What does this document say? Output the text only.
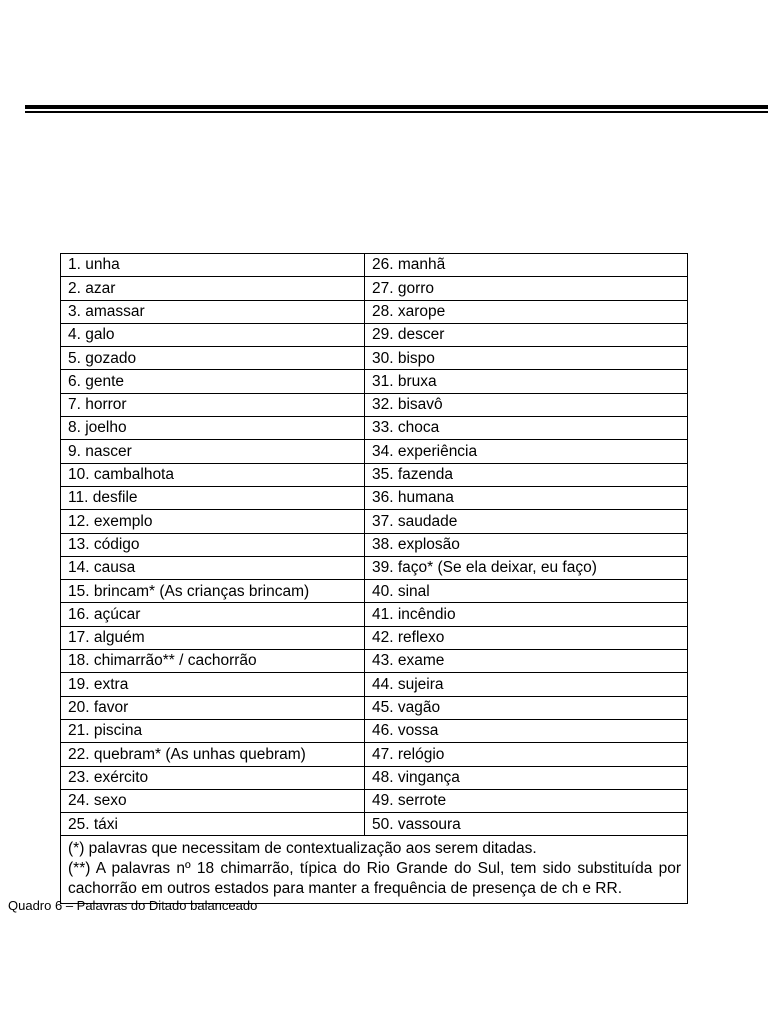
1. unha	26. manhã
2. azar	27. gorro
3. amassar	28. xarope
4. galo	29. descer
5. gozado	30. bispo
6. gente	31. bruxa
7. horror	32. bisavô
8. joelho	33. choca
9. nascer	34. experiência
10. cambalhota	35. fazenda
11. desfile	36. humana
12. exemplo	37. saudade
13. código	38. explosão
14. causa	39. faço* (Se ela deixar, eu faço)
15. brincam* (As crianças brincam)	40. sinal
16. açúcar	41. incêndio
17. alguém	42. reflexo
18. chimarrão** / cachorrão	43. exame
19. extra	44. sujeira
20. favor	45. vagão
21. piscina	46. vossa
22. quebram* (As unhas quebram)	47. relógio
23. exército	48. vingança
24. sexo	49. serrote
25. táxi	50. vassoura

(*) palavras que necessitam de contextualização aos serem ditadas.
(**) A palavras nº 18 chimarrão, típica do Rio Grande do Sul, tem sido substituída por cachorrão em outros estados para manter a frequência de presença de ch e RR.	
Quadro 6 – Palavras do Ditado balanceado
